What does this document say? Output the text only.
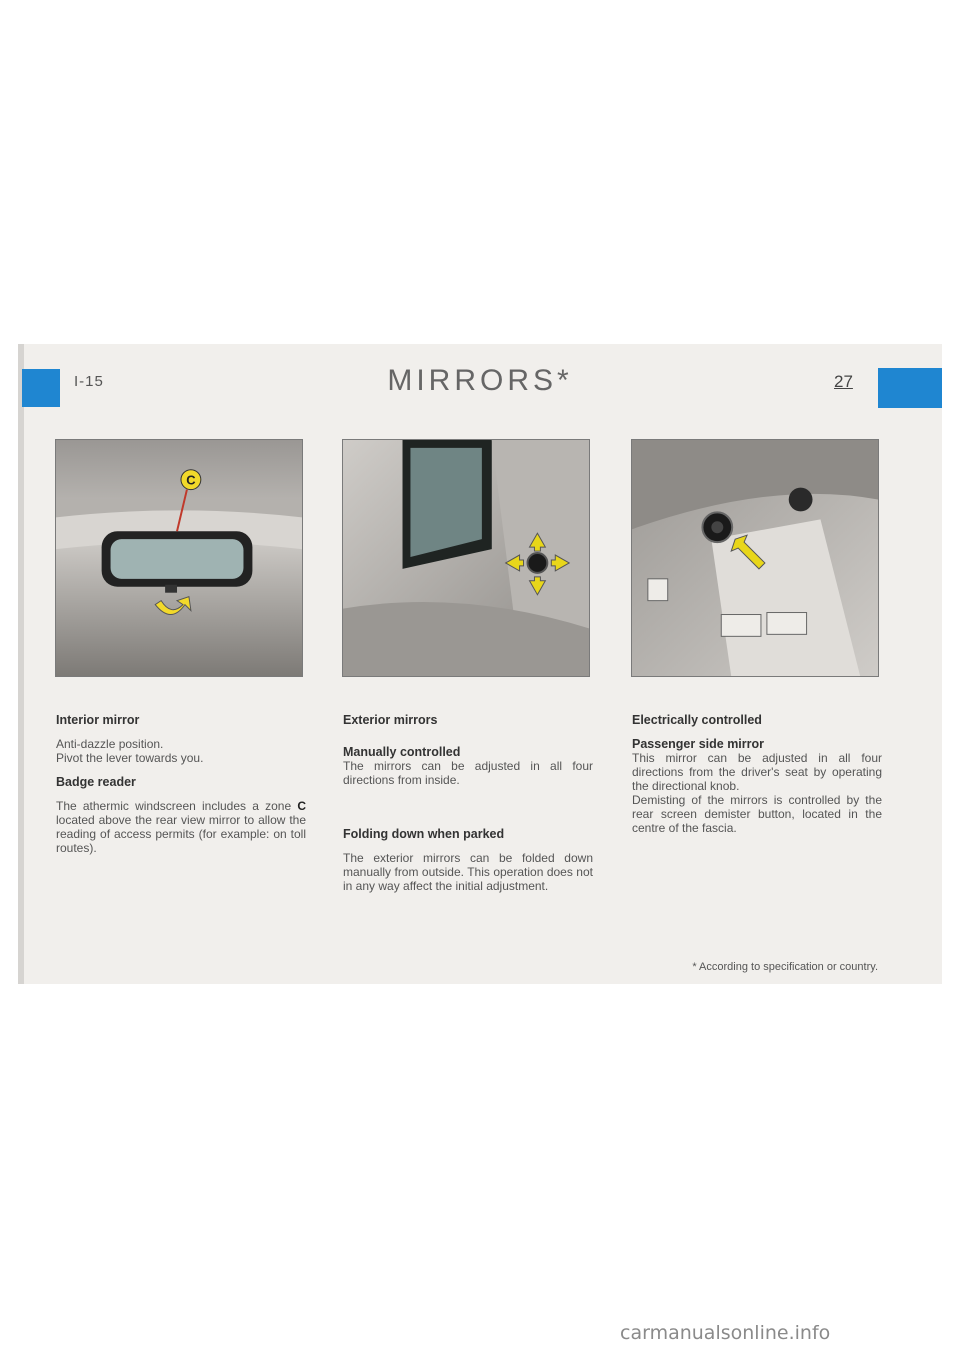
I-15	MIRRORS*	27
C

Interior mirror

Anti-dazzle position.
Pivot the lever towards you.

Badge reader

The athermic windscreen includes a zone C located above the rear view mirror to allow the reading of access permits (for example: on toll routes).

Exterior mirrors

Manually controlled

The mirrors can be adjusted in all four directions from inside.

Folding down when parked

The exterior mirrors can be folded down manually from outside. This operation does not in any way affect the initial adjustment.

Electrically controlled

Passenger side mirror

This mirror can be adjusted in all four directions from the driver's seat by operating the directional knob.

Demisting of the mirrors is controlled by the rear screen demister button, located in the centre of the fascia.

* According to specification or country.
carmanualsonline.info
